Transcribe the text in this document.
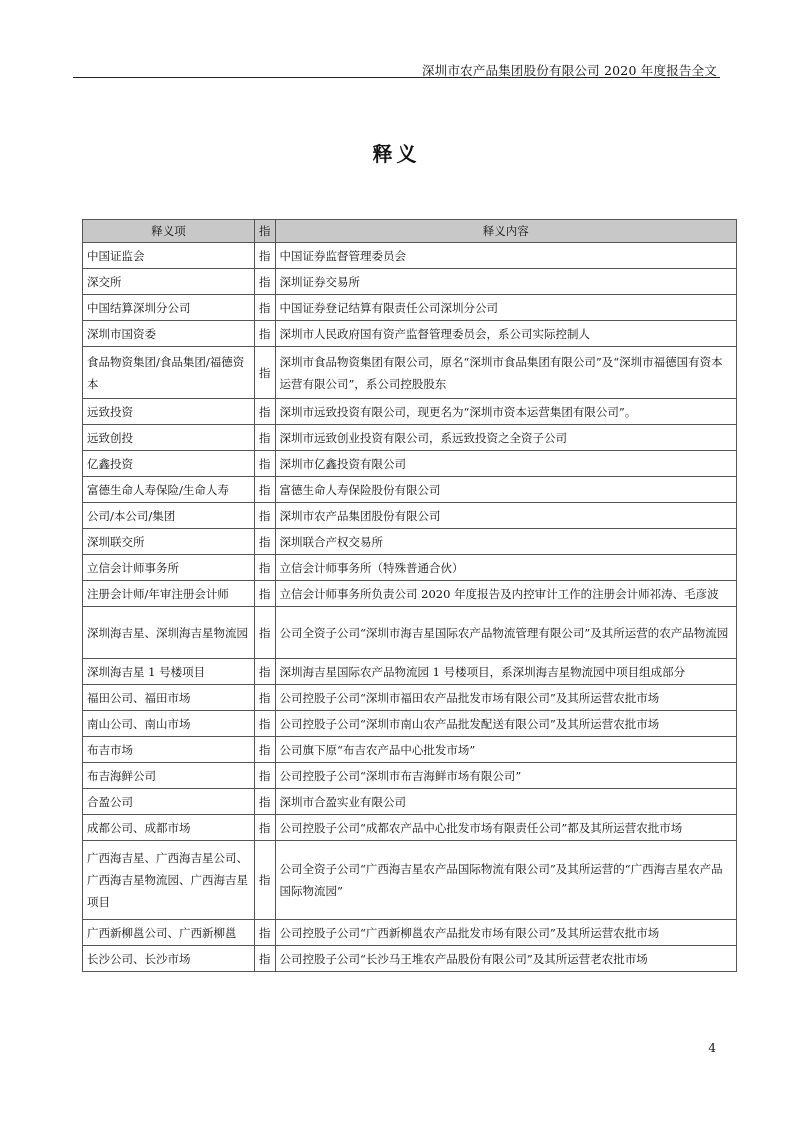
深圳市农产品集团股份有限公司 2020 年度报告全文
释义
释义项	指	释义内容
中国证监会	指	中国证券监督管理委员会
深交所	指	深圳证券交易所
中国结算深圳分公司	指	中国证券登记结算有限责任公司深圳分公司
深圳市国资委	指	深圳市人民政府国有资产监督管理委员会，系公司实际控制人
食品物资集团/食品集团/福德资本	指	深圳市食品物资集团有限公司，原名“深圳市食品集团有限公司”及“深圳市福德国有资本运营有限公司”，系公司控股股东
远致投资	指	深圳市远致投资有限公司，现更名为“深圳市资本运营集团有限公司”。
远致创投	指	深圳市远致创业投资有限公司，系远致投资之全资子公司
亿鑫投资	指	深圳市亿鑫投资有限公司
富德生命人寿保险/生命人寿	指	富德生命人寿保险股份有限公司
公司/本公司/集团	指	深圳市农产品集团股份有限公司
深圳联交所	指	深圳联合产权交易所
立信会计师事务所	指	立信会计师事务所（特殊普通合伙）
注册会计师/年审注册会计师	指	立信会计师事务所负责公司 2020 年度报告及内控审计工作的注册会计师祁涛、毛彦波
深圳海吉星、深圳海吉星物流园	指	公司全资子公司“深圳市海吉星国际农产品物流管理有限公司”及其所运营的农产品物流园
深圳海吉星 1 号楼项目	指	深圳海吉星国际农产品物流园 1 号楼项目，系深圳海吉星物流园中项目组成部分
福田公司、福田市场	指	公司控股子公司“深圳市福田农产品批发市场有限公司”及其所运营农批市场
南山公司、南山市场	指	公司控股子公司“深圳市南山农产品批发配送有限公司”及其所运营农批市场
布吉市场	指	公司旗下原“布吉农产品中心批发市场”
布吉海鲜公司	指	公司控股子公司“深圳市布吉海鲜市场有限公司”
合盈公司	指	深圳市合盈实业有限公司
成都公司、成都市场	指	公司控股子公司“成都农产品中心批发市场有限责任公司”都及其所运营农批市场
广西海吉星、广西海吉星公司、广西海吉星物流园、广西海吉星项目	指	公司全资子公司“广西海吉星农产品国际物流有限公司”及其所运营的“广西海吉星农产品国际物流园”
广西新柳邕公司、广西新柳邕	指	公司控股子公司“广西新柳邕农产品批发市场有限公司”及其所运营农批市场
长沙公司、长沙市场	指	公司控股子公司“长沙马王堆农产品股份有限公司”及其所运营老农批市场
4
